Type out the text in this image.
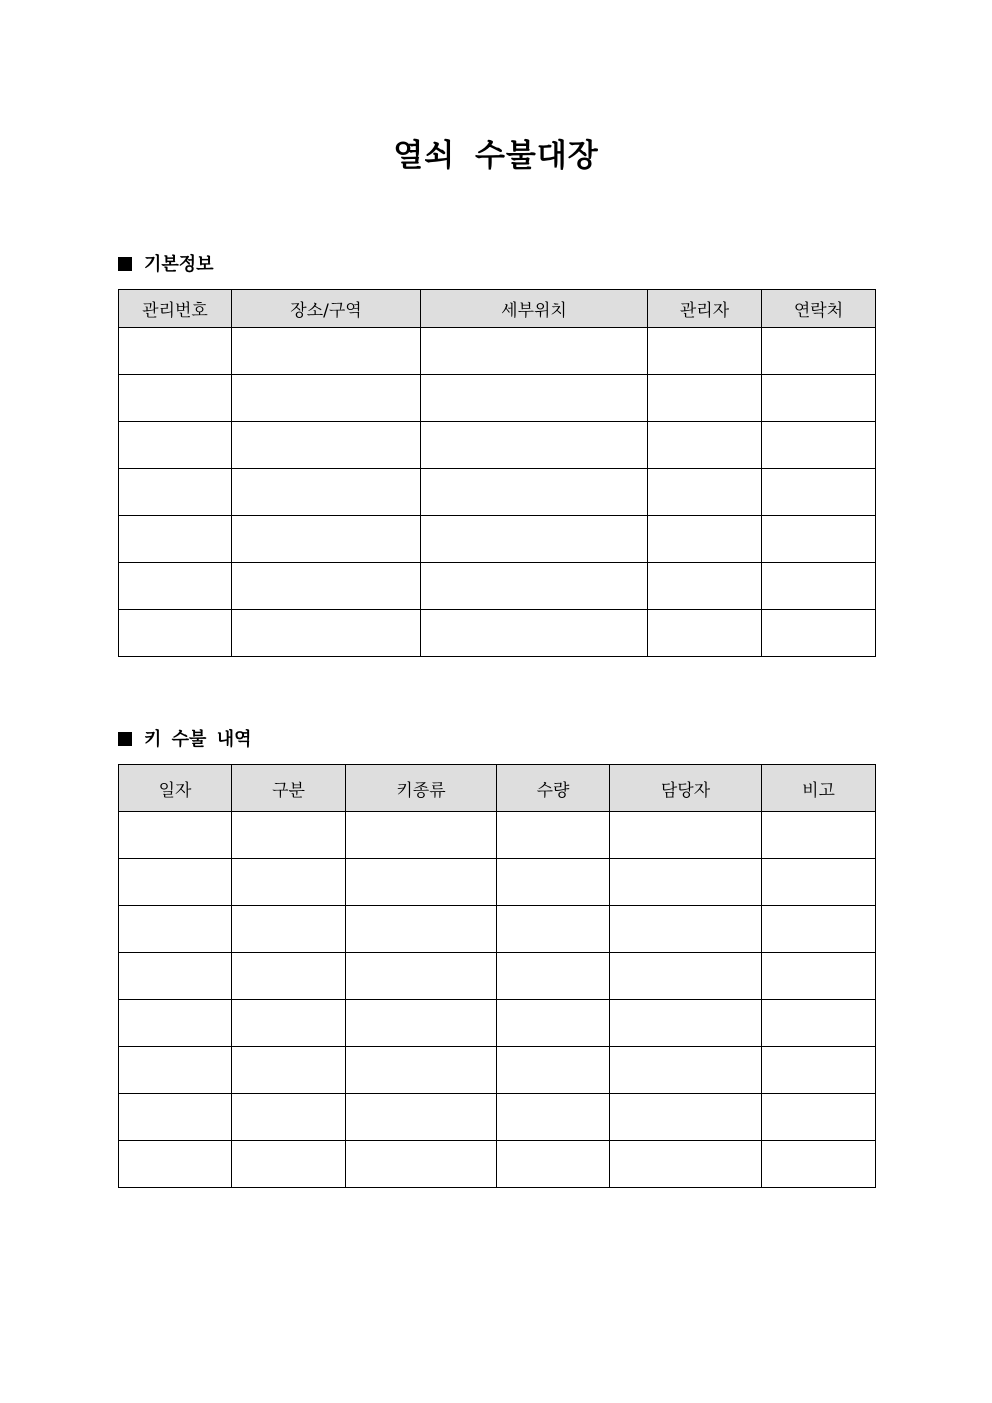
열쇠 수불대장
기본정보
관리번호	장소/구역	세부위치	관리자	연락처

키 수불 내역
일자	구분	키종류	수량	담당자	비고
